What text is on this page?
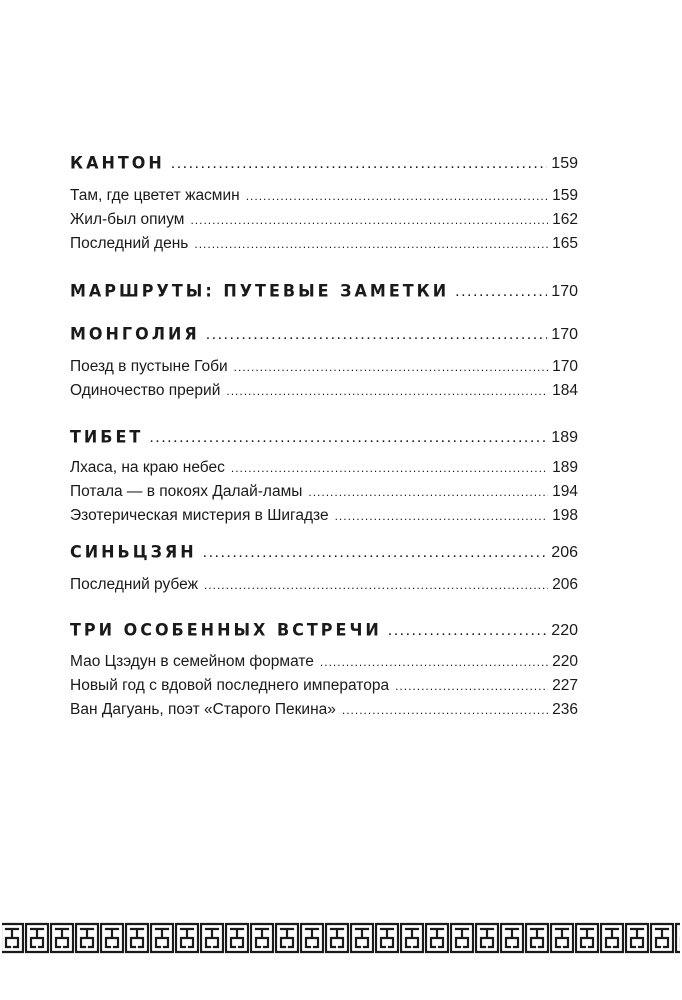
КАНТОН .....	159
Там, где цветет жасмин .....	159
Жил-был опиум .....	162
Последний день .....	165
МАРШРУТЫ: ПУТЕВЫЕ ЗАМЕТКИ .....	170
МОНГОЛИЯ .....	170
Поезд в пустыне Гоби .....	170
Одиночество прерий .....	184
ТИБЕТ .....	189
Лхаса, на краю небес .....	189
Потала — в покоях Далай-ламы .....	194
Эзотерическая мистерия в Шигадзе .....	198
СИНЬЦЗЯН .....	206
Последний рубеж .....	206
ТРИ ОСОБЕННЫХ ВСТРЕЧИ .....	220
Мао Цзэдун в семейном формате .....	220
Новый год с вдовой последнего императора .....	227
Ван Дагуань, поэт «Старого Пекина» .....	236
